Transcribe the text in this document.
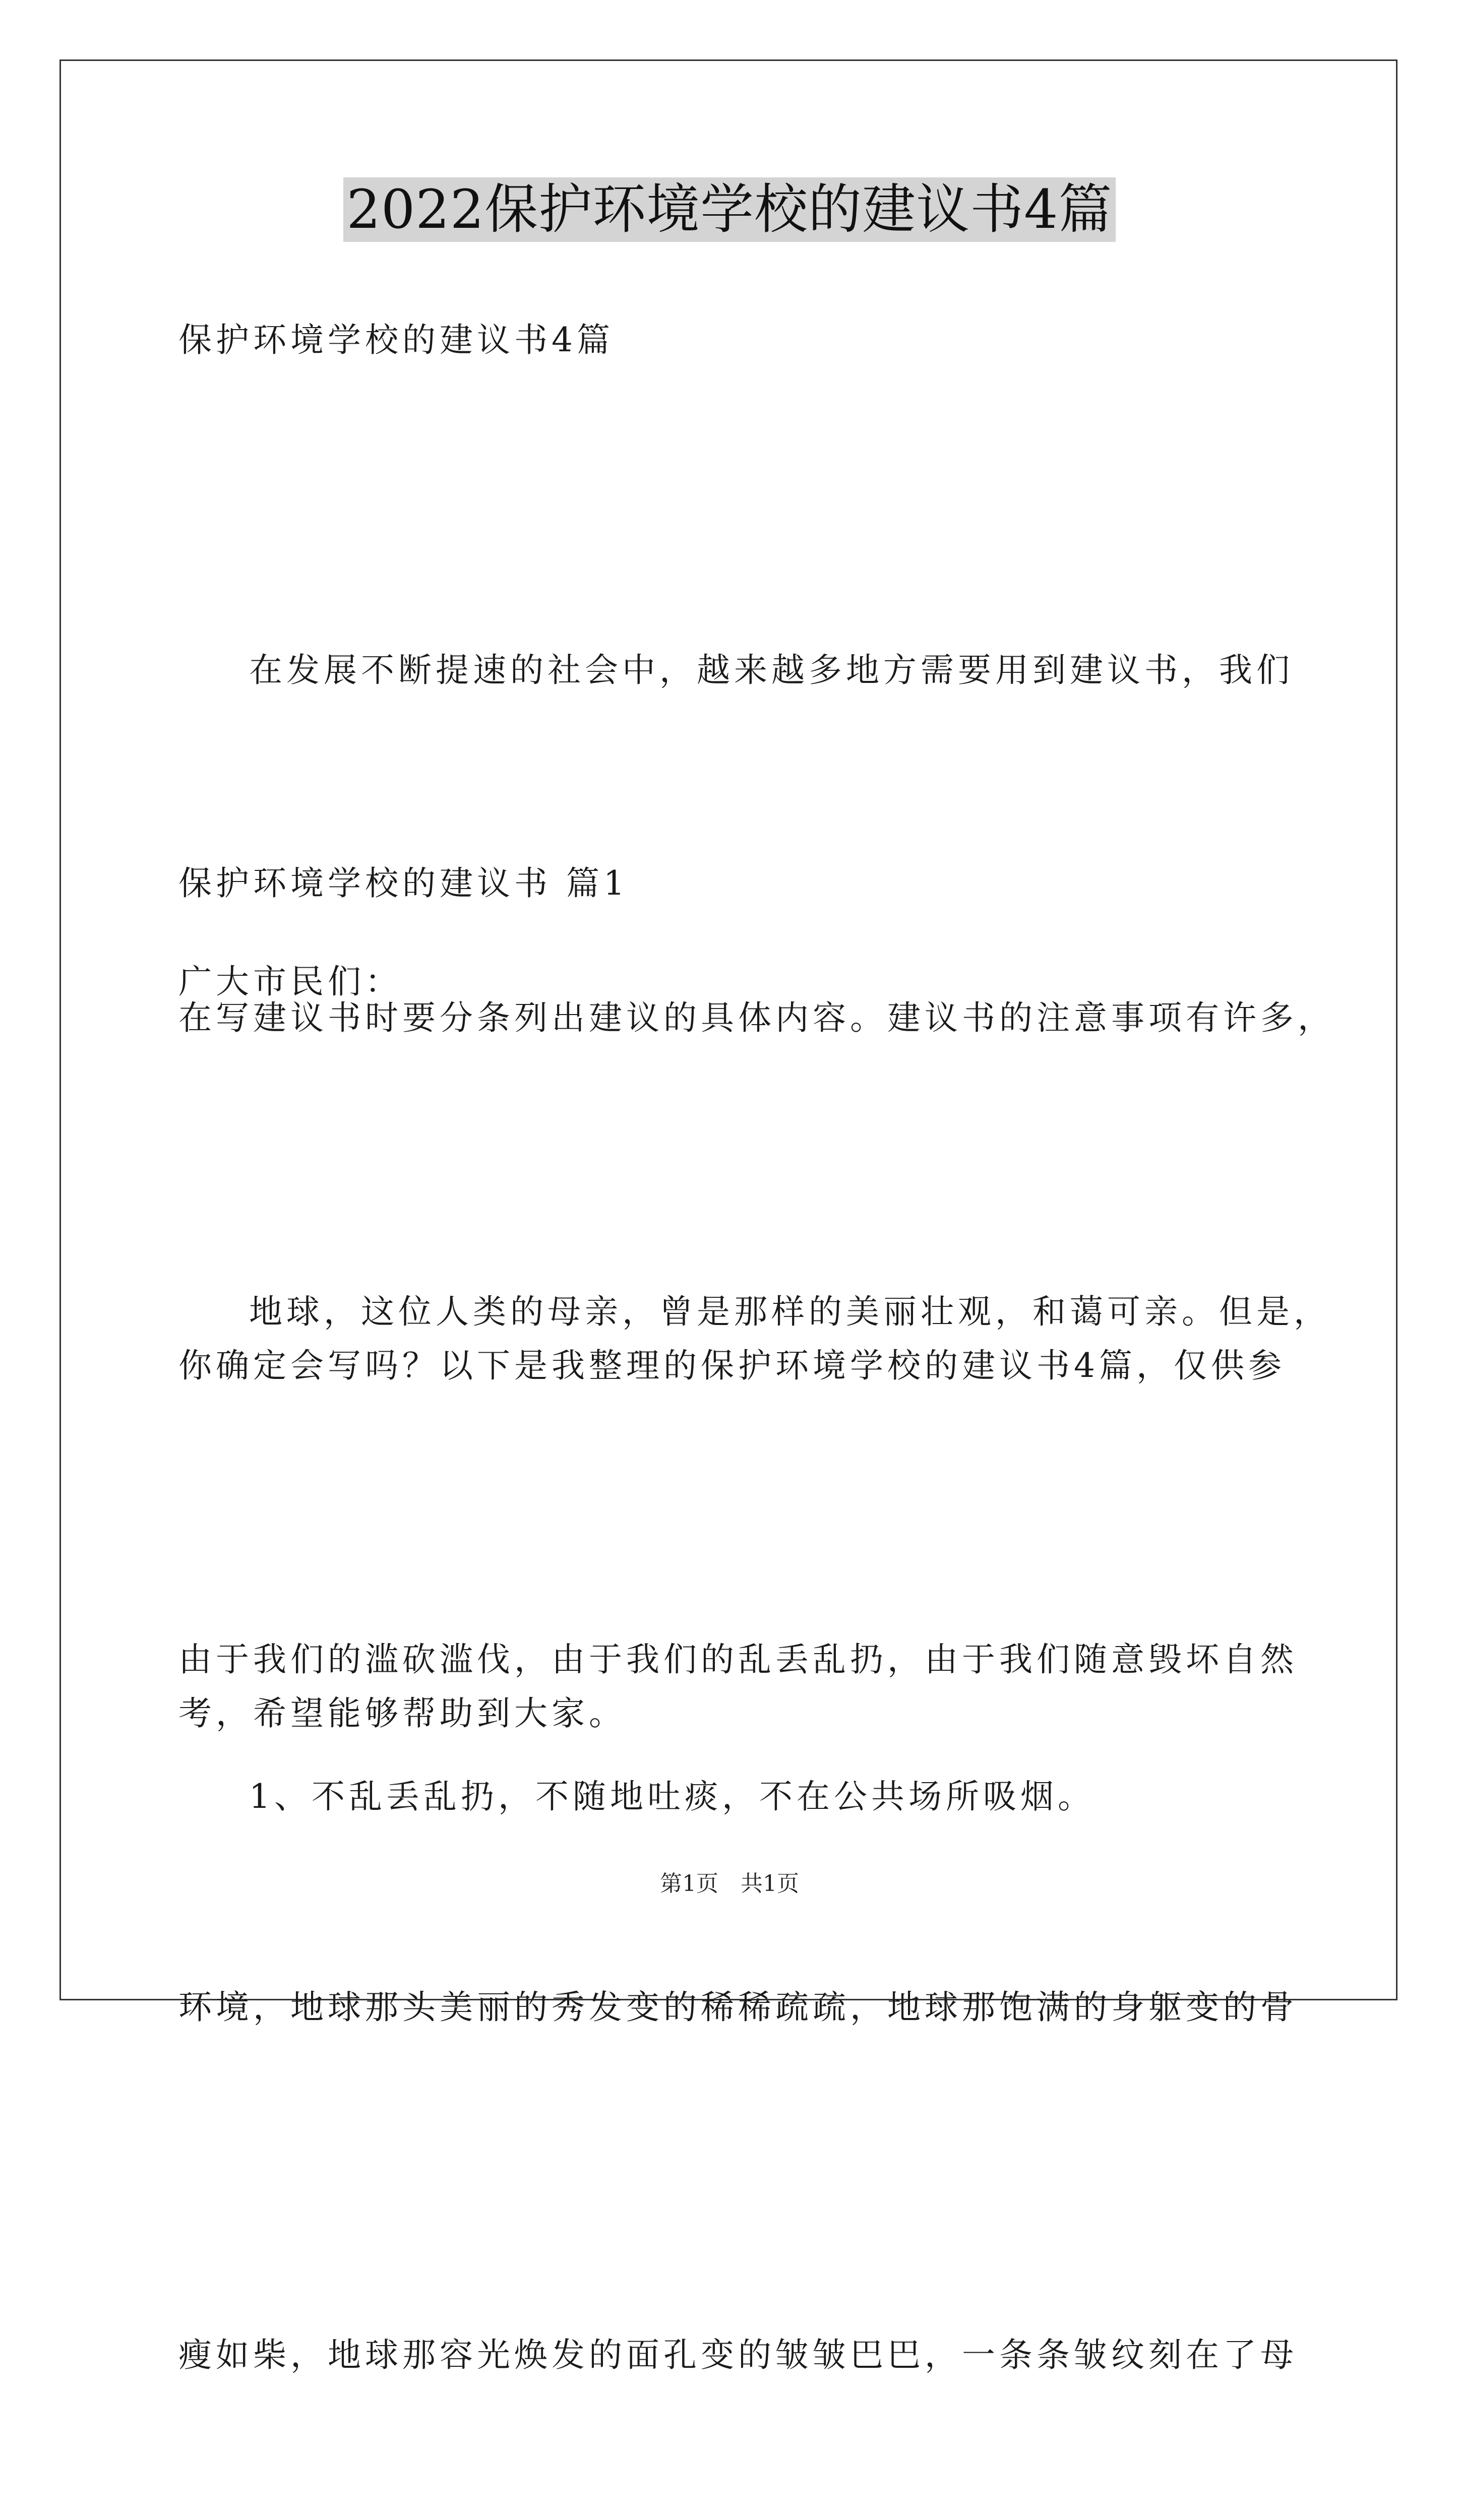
2022保护环境学校的建议书4篇

保护环境学校的建议书4篇

在发展不断提速的社会中，越来越多地方需要用到建议书，我们

在写建议书时要分条列出建议的具体内容。建议书的注意事项有许多，

你确定会写吗？以下是我整理的保护环境学校的建议书4篇，仅供参

考，希望能够帮助到大家。

保护环境学校的建议书 篇1

广大市民们：

地球，这位人类的母亲，曾是那样的美丽壮观，和蔼可亲。但是，

由于我们的滥砍滥伐，由于我们的乱丢乱扔，由于我们随意毁坏自然

环境，地球那头美丽的秀发变的稀稀疏疏，地球那饱满的身躯变的骨

瘦如柴，地球那容光焕发的面孔变的皱皱巴巴，一条条皱纹刻在了母

1、不乱丢乱扔，不随地吐痰，不在公共场所吸烟。

第1页　共1页
